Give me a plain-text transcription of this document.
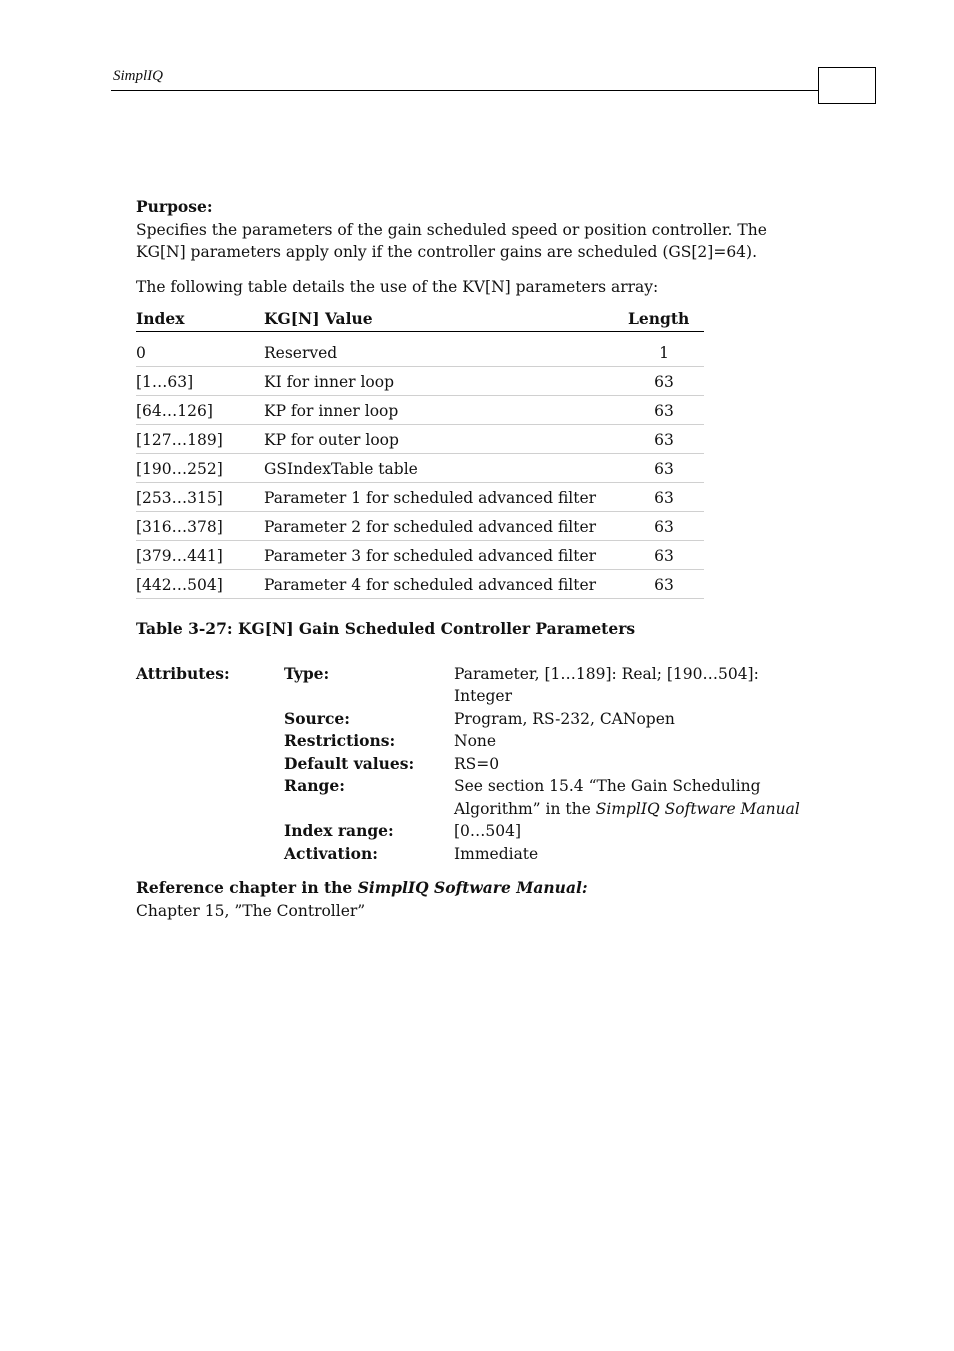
SimplIQ

Purpose:

Specifies the parameters of the gain scheduled speed or position controller. The KG[N] parameters apply only if the controller gains are scheduled (GS[2]=64).

The following table details the use of the KV[N] parameters array:

Index	KG[N] Value	Length
0	Reserved	1
[1…63]	KI for inner loop	63
[64…126]	KP for inner loop	63
[127…189]	KP for outer loop	63
[190…252]	GSIndexTable table	63
[253…315]	Parameter 1 for scheduled advanced filter	63
[316…378]	Parameter 2 for scheduled advanced filter	63
[379…441]	Parameter 3 for scheduled advanced filter	63
[442…504]	Parameter 4 for scheduled advanced filter	63

Table 3-27: KG[N] Gain Scheduled Controller Parameters

Attributes:	Type:	Parameter, [1…189]: Real; [190…504]: Integer
Source:	Program, RS-232, CANopen
Restrictions:	None
Default values:	RS=0
Range:	See section 15.4 “The Gain Scheduling
Algorithm” in the SimplIQ Software Manual
Index range:	[0…504]
Activation:	Immediate

Reference chapter in the SimplIQ Software Manual:

Chapter 15, ”The Controller”
